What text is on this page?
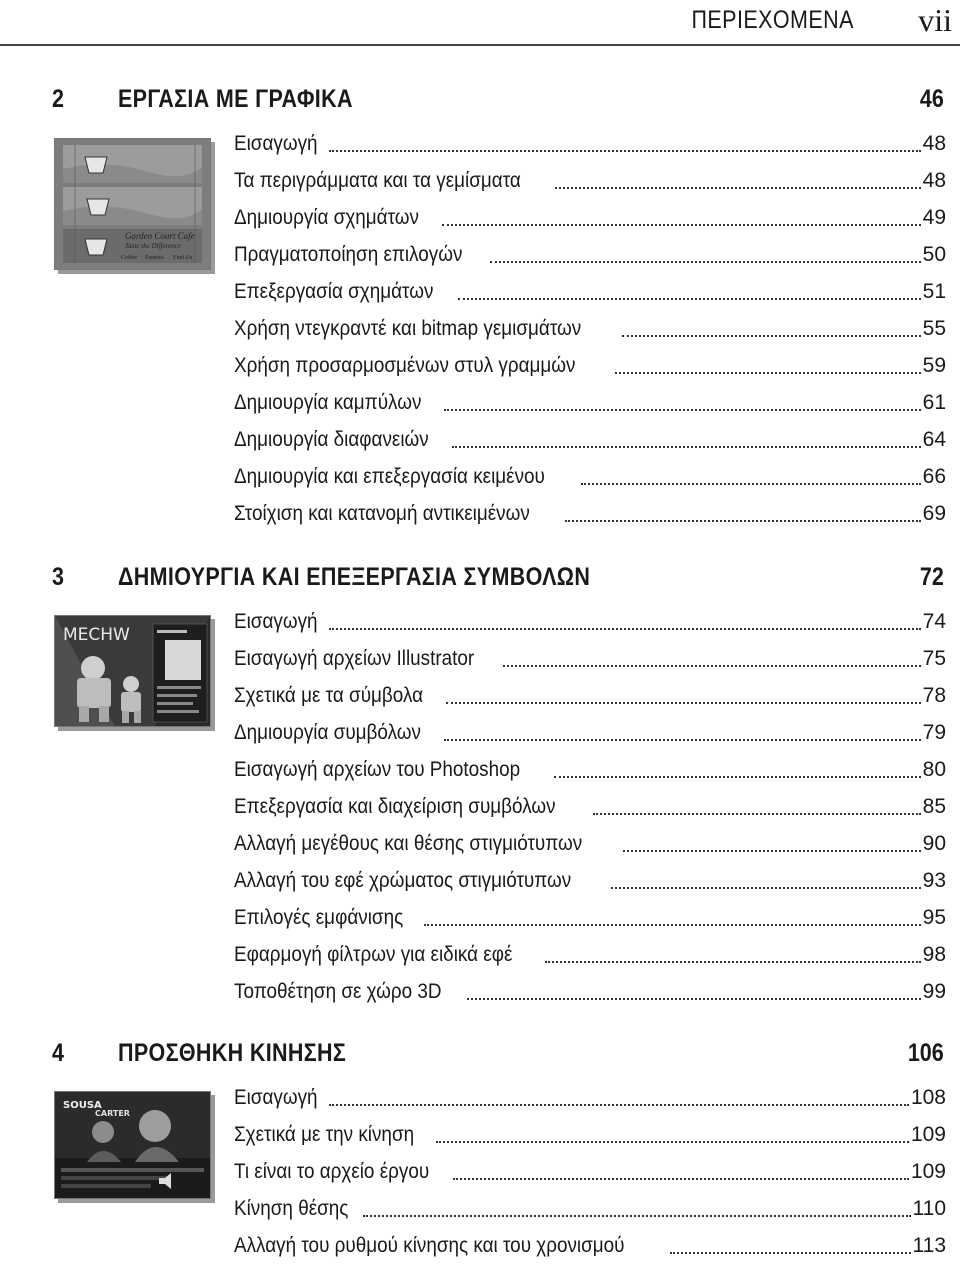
ΠΕΡΙΕΧΟΜΕΝΑ vii
2 ΕΡΓΑΣΙΑ ΜΕ ΓΡΑΦΙΚΑ	46
Garden Court Cafe
Taste the Difference
Coffee Pastries Find Us
Εισαγωγή	48
Τα περιγράμματα και τα γεμίσματα	48
Δημιουργία σχημάτων	49
Πραγματοποίηση επιλογών	50
Επεξεργασία σχημάτων	51
Χρήση ντεγκραντέ και bitmap γεμισμάτων	55
Χρήση προσαρμοσμένων στυλ γραμμών	59
Δημιουργία καμπύλων	61
Δημιουργία διαφανειών	64
Δημιουργία και επεξεργασία κειμένου	66
Στοίχιση και κατανομή αντικειμένων	69
3 ΔΗΜΙΟΥΡΓΙΑ ΚΑΙ ΕΠΕΞΕΡΓΑΣΙΑ ΣΥΜΒΟΛΩΝ	72
MECHW
Εισαγωγή	74
Εισαγωγή αρχείων Illustrator	75
Σχετικά με τα σύμβολα	78
Δημιουργία συμβόλων	79
Εισαγωγή αρχείων του Photoshop	80
Επεξεργασία και διαχείριση συμβόλων	85
Αλλαγή μεγέθους και θέσης στιγμιότυπων	90
Αλλαγή του εφέ χρώματος στιγμιότυπων	93
Επιλογές εμφάνισης	95
Εφαρμογή φίλτρων για ειδικά εφέ	98
Τοποθέτηση σε χώρο 3D	99
4 ΠΡΟΣΘΗΚΗ ΚΙΝΗΣΗΣ	106
SOUSA
CARTER
Εισαγωγή	108
Σχετικά με την κίνηση	109
Τι είναι το αρχείο έργου	109
Κίνηση θέσης	110
Αλλαγή του ρυθμού κίνησης και του χρονισμού	113
